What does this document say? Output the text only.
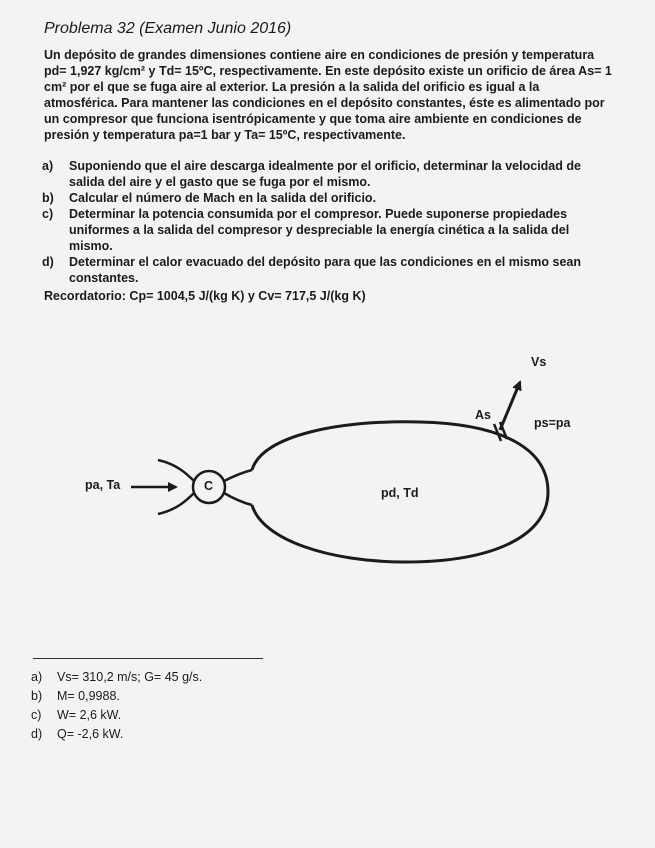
Problema 32 (Examen Junio 2016)
Un depósito de grandes dimensiones contiene aire en condiciones de presión y temperatura
pd= 1,927 kg/cm² y Td= 15ºC, respectivamente. En este depósito existe un orificio de área As= 1
cm² por el que se fuga aire al exterior. La presión a la salida del orificio es igual a la
atmosférica. Para mantener las condiciones en el depósito constantes, éste es alimentado por
un compresor que funciona isentrópicamente y que toma aire ambiente en condiciones de
presión y temperatura pa=1 bar y Ta= 15ºC, respectivamente.
a) Suponiendo que el aire descarga idealmente por el orificio, determinar la velocidad de
salida del aire y el gasto que se fuga por el mismo.
b) Calcular el número de Mach en la salida del orificio.
c) Determinar la potencia consumida por el compresor. Puede suponerse propiedades
uniformes a la salida del compresor y despreciable la energía cinética a la salida del mismo.
d) Determinar el calor evacuado del depósito para que las condiciones en el mismo sean
constantes.
Recordatorio: Cp= 1004,5 J/(kg K) y Cv= 717,5 J/(kg K)
Vs
As
ps=pa
pa, Ta	C	pd, Td
a) Vs= 310,2 m/s; G= 45 g/s.
b) M= 0,9988.
c) W= 2,6 kW.
d) Q= -2,6 kW.
